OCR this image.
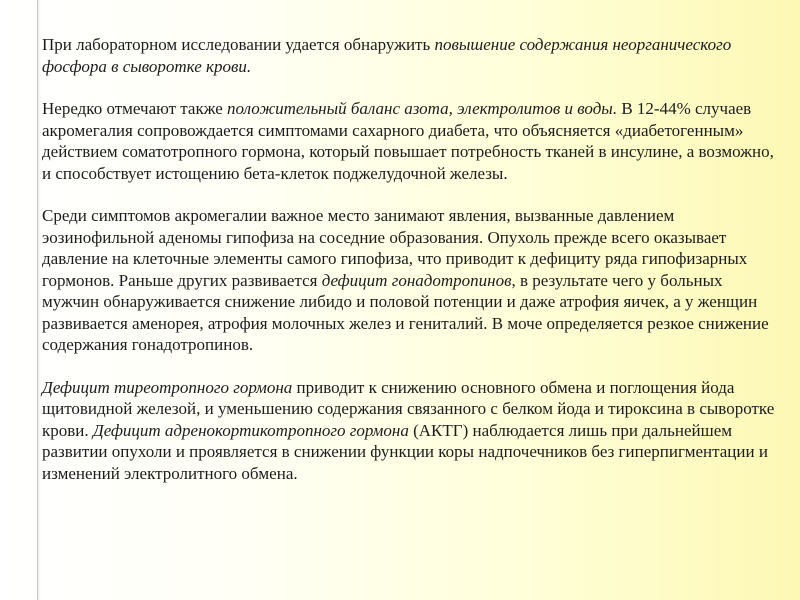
При лабораторном исследовании удается обнаружить повышение содержания неорганического фосфора в сыворотке крови.

Нередко отмечают также положительный баланс азота, электролитов и воды. В 12-44% случаев акромегалия сопровождается симптомами сахарного диабета, что объясняется «диабетогенным» действием соматотропного гормона, который повышает потребность тканей в инсулине, а возможно, и способствует истощению бета-клеток поджелудочной железы.

Среди симптомов акромегалии важное место занимают явления, вызванные давлением эозинофильной аденомы гипофиза на соседние образования. Опухоль прежде всего оказывает давление на клеточные элементы самого гипофиза, что приводит к дефициту ряда гипофизарных гормонов. Раньше других развивается дефицит гонадотропинов, в результате чего у больных мужчин обнаруживается снижение либидо и половой потенции и даже атрофия яичек, а у женщин развивается аменорея, атрофия молочных желез и гениталий. В моче определяется резкое снижение содержания гонадотропинов.

Дефицит тиреотропного гормона приводит к снижению основного обмена и поглощения йода щитовидной железой, и уменьшению содержания связанного с белком йода и тироксина в сыворотке крови. Дефицит адренокортикотропного гормона (АКТГ) наблюдается лишь при дальнейшем развитии опухоли и проявляется в снижении функции коры надпочечников без гиперпигментации и изменений электролитного обмена.
